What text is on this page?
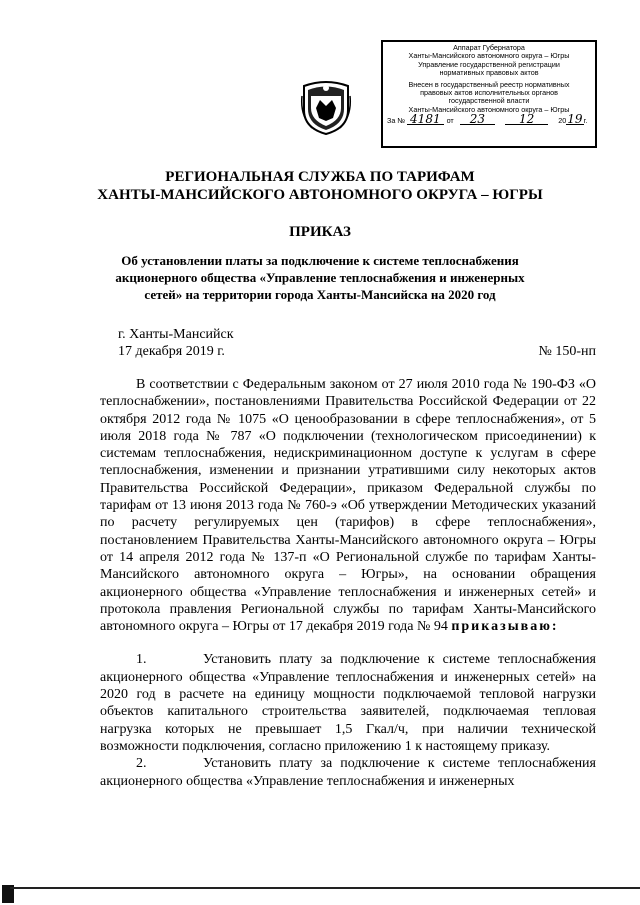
Аппарат Губернатора
Ханты-Мансийского автономного округа – Югры
Управление государственной регистрации
нормативных правовых актов
Внесен в государственный реестр нормативных
правовых актов исполнительных органов
государственной власти
Ханты-Мансийского автономного округа – Югры
За № 4181 от	23	12	20 19 г.
РЕГИОНАЛЬНАЯ СЛУЖБА ПО ТАРИФАМ
ХАНТЫ-МАНСИЙСКОГО АВТОНОМНОГО ОКРУГА – ЮГРЫ
ПРИКАЗ
Об установлении платы за подключение к системе теплоснабжения акционерного общества «Управление теплоснабжения и инженерных сетей» на территории города Ханты-Мансийска на 2020 год
г. Ханты-Мансийск
17 декабря 2019 г.	№ 150-нп

В соответствии с Федеральным законом от 27 июля 2010 года № 190-ФЗ «О теплоснабжении», постановлениями Правительства Российской Федерации от 22 октября 2012 года № 1075 «О ценообразовании в сфере теплоснабжения», от 5 июля 2018 года № 787 «О подключении (технологическом присоединении) к системам теплоснабжения, недискриминационном доступе к услугам в сфере теплоснабжения, изменении и признании утратившими силу некоторых актов Правительства Российской Федерации», приказом Федеральной службы по тарифам от 13 июня 2013 года № 760-э «Об утверждении Методических указаний по расчету регулируемых цен (тарифов) в сфере теплоснабжения», постановлением Правительства Ханты-Мансийского автономного округа – Югры от 14 апреля 2012 года № 137-п «О Региональной службе по тарифам Ханты-Мансийского автономного округа – Югры», на основании обращения акционерного общества «Управление теплоснабжения и инженерных сетей» и протокола правления Региональной службы по тарифам Ханты-Мансийского автономного округа – Югры от 17 декабря 2019 года № 94 приказываю:

1.	Установить плату за подключение к системе теплоснабжения акционерного общества «Управление теплоснабжения и инженерных сетей» на 2020 год в расчете на единицу мощности подключаемой тепловой нагрузки объектов капитального строительства заявителей, подключаемая тепловая нагрузка которых не превышает 1,5 Гкал/ч, при наличии технической возможности подключения, согласно приложению 1 к настоящему приказу.

2.	Установить плату за подключение к системе теплоснабжения акционерного общества «Управление теплоснабжения и инженерных
